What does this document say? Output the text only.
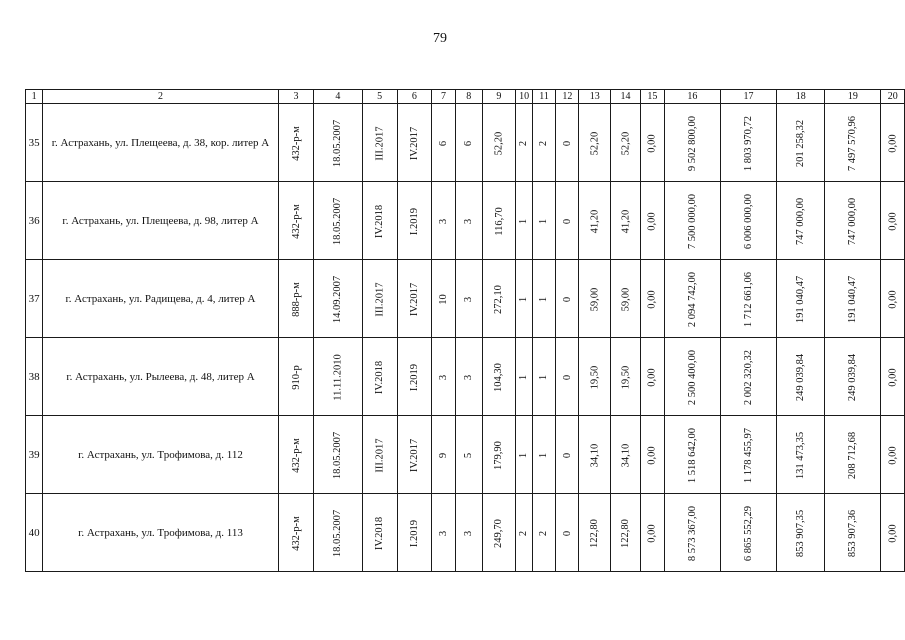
79
1	2	3	4	5	6	7	8	9	10	11	12	13	14	15	16	17	18	19	20
35	г. Астрахань, ул. Плещеева, д. 38, кор. литер А	432-р-м	18.05.2007	III.2017	IV.2017	6	6	52,20	2	2	0	52,20	52,20	0,00	9 502 800,00	1 803 970,72	201 258,32	7 497 570,96	0,00
36	г. Астрахань, ул. Плещеева, д. 98, литер А	432-р-м	18.05.2007	IV.2018	I.2019	3	3	116,70	1	1	0	41,20	41,20	0,00	7 500 000,00	6 006 000,00	747 000,00	747 000,00	0,00
37	г. Астрахань, ул. Радищева, д. 4, литер А	888-р-м	14.09.2007	III.2017	IV.2017	10	3	272,10	1	1	0	59,00	59,00	0,00	2 094 742,00	1 712 661,06	191 040,47	191 040,47	0,00
38	г. Астрахань, ул. Рылеева, д. 48, литер А	910-р	11.11.2010	IV.2018	I.2019	3	3	104,30	1	1	0	19,50	19,50	0,00	2 500 400,00	2 002 320,32	249 039,84	249 039,84	0,00
39	г. Астрахань, ул. Трофимова, д. 112	432-р-м	18.05.2007	III.2017	IV.2017	9	5	179,90	1	1	0	34,10	34,10	0,00	1 518 642,00	1 178 455,97	131 473,35	208 712,68	0,00
40	г. Астрахань, ул. Трофимова, д. 113	432-р-м	18.05.2007	IV.2018	I.2019	3	3	249,70	2	2	0	122,80	122,80	0,00	8 573 367,00	6 865 552,29	853 907,35	853 907,36	0,00
